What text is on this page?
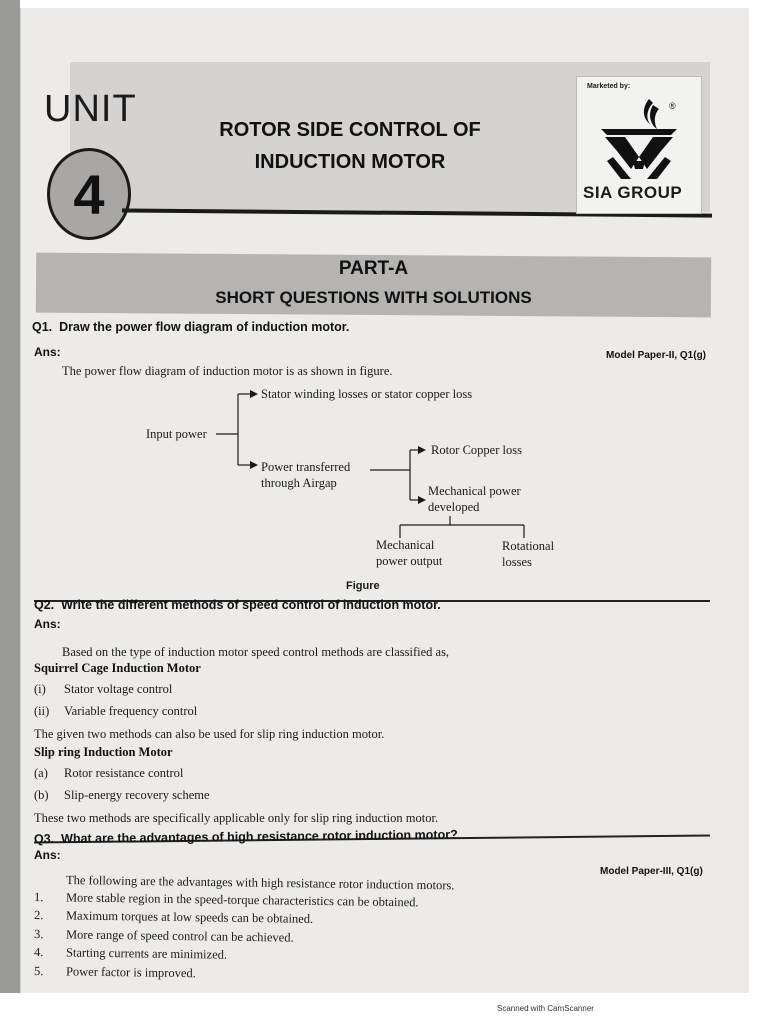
UNIT
4
ROTOR SIDE CONTROL OF
INDUCTION MOTOR
Marketed by:
®
SIA GROUP
PART-A
SHORT QUESTIONS WITH SOLUTIONS
Q1. Draw the power flow diagram of induction motor.
Ans:	Model Paper-II, Q1(g)
The power flow diagram of induction motor is as shown in figure.
Input power
Stator winding losses or stator copper loss
Power transferred
through Airgap
Rotor Copper loss
Mechanical power
developed
Mechanical
power output
Rotational
losses
Figure
Q2. Write the different methods of speed control of induction motor.
Ans:
Based on the type of induction motor speed control methods are classified as,
Squirrel Cage Induction Motor
(i) Stator voltage control
(ii) Variable frequency control
The given two methods can also be used for slip ring induction motor.
Slip ring Induction Motor
(a) Rotor resistance control
(b) Slip-energy recovery scheme
These two methods are specifically applicable only for slip ring induction motor.
Q3. What are the advantages of high resistance rotor induction motor?
Ans:
Model Paper-III, Q1(g)
The following are the advantages with high resistance rotor induction motors.
1. More stable region in the speed-torque characteristics can be obtained.
2. Maximum torques at low speeds can be obtained.
3. More range of speed control can be achieved.
4. Starting currents are minimized.
5. Power factor is improved.
Scanned with CamScanner
